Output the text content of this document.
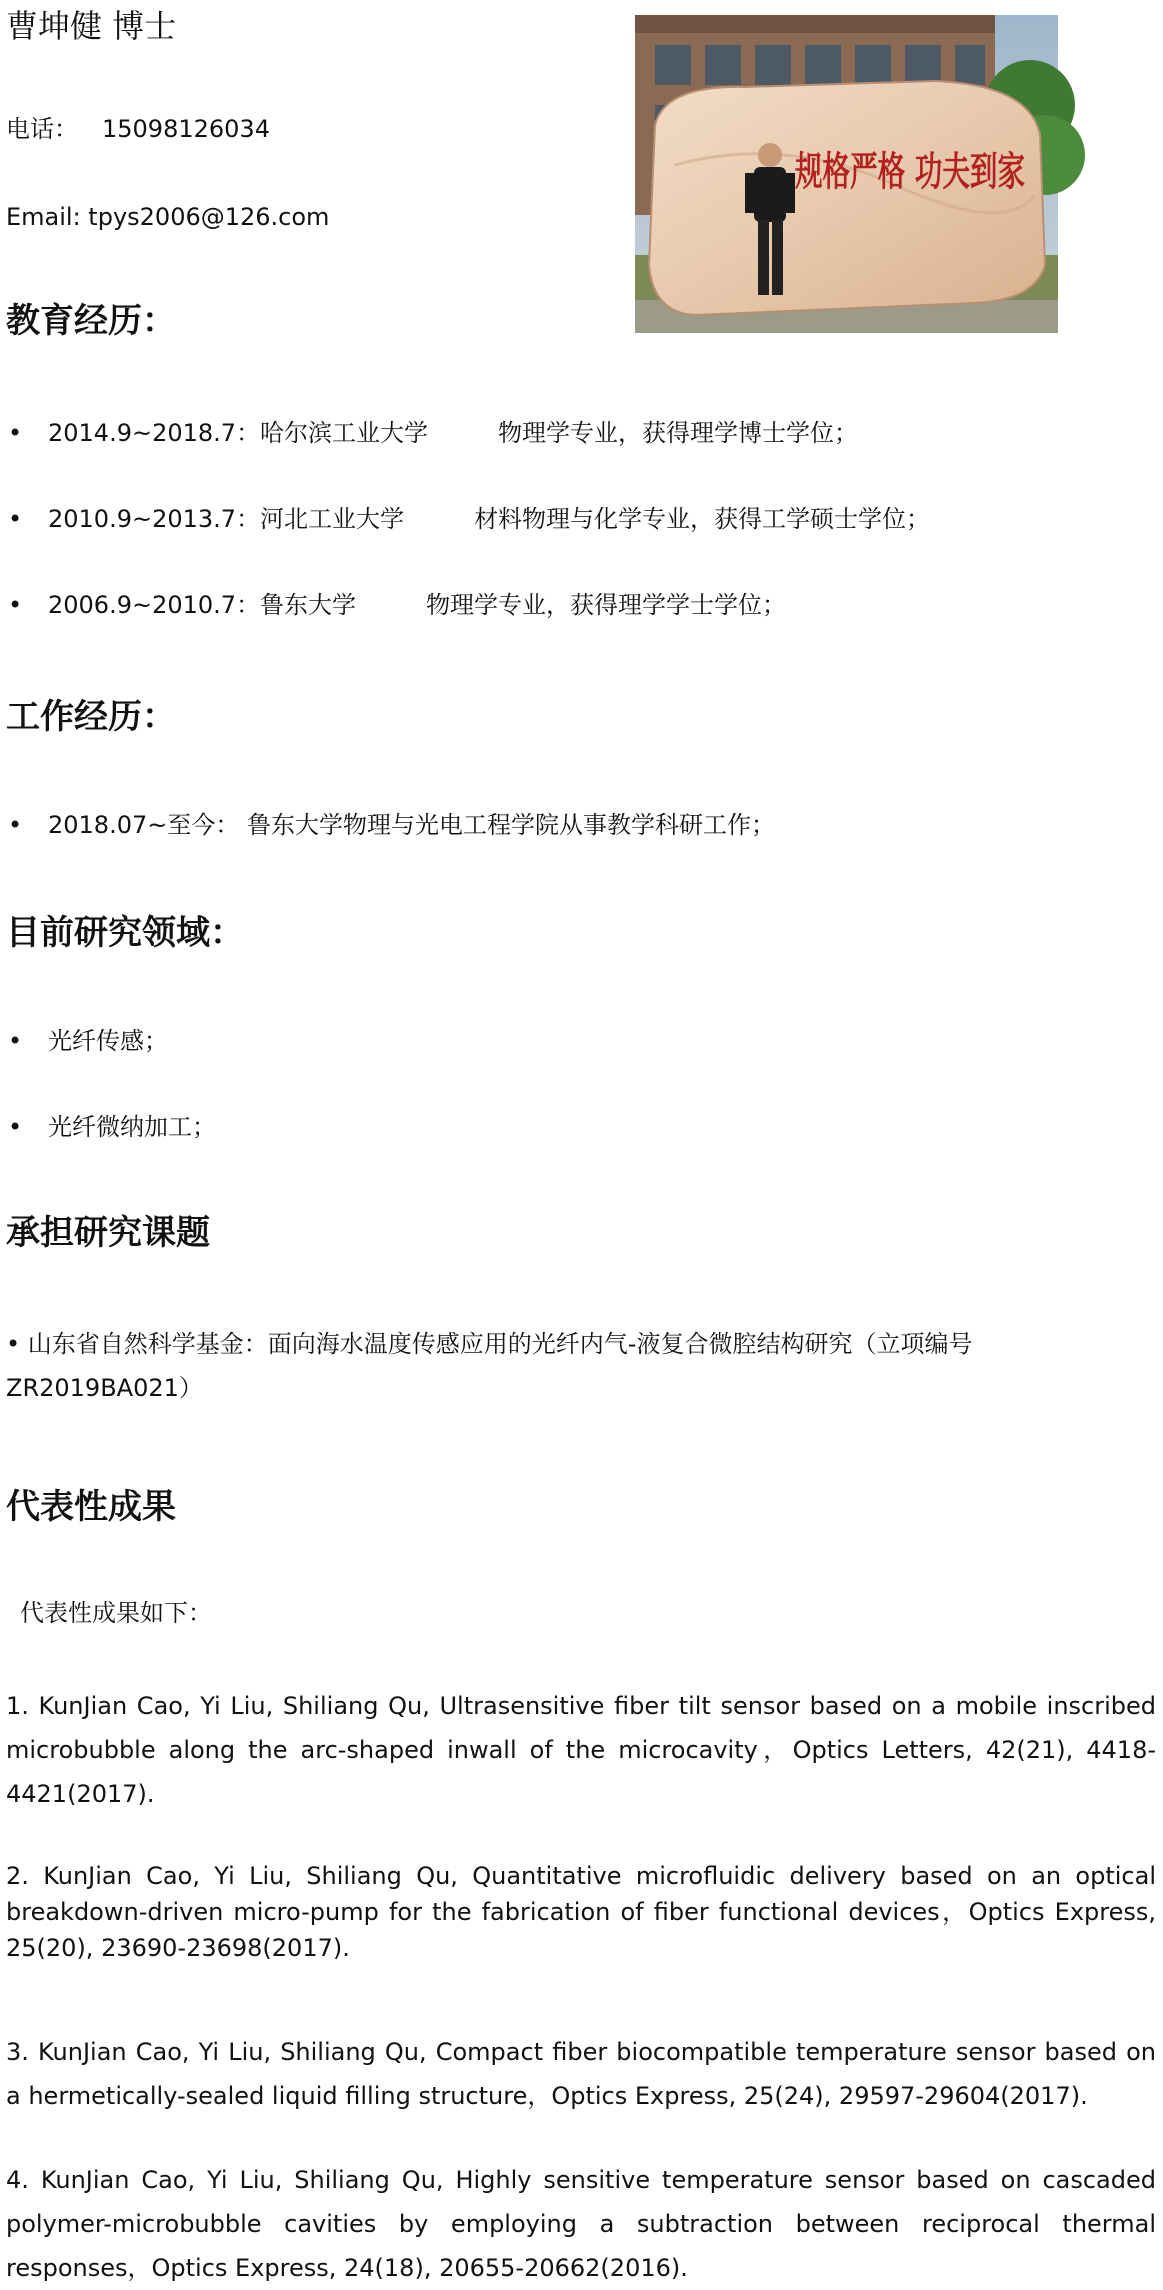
曹坤健 博士
电话： 15098126034
Email: tpys2006@126.com
规格严格 功夫到家
教育经历：
• 2014.9~2018.7：哈尔滨工业大学	物理学专业，获得理学博士学位；
• 2010.9~2013.7：河北工业大学	材料物理与化学专业，获得工学硕士学位；
• 2006.9~2010.7：鲁东大学	物理学专业，获得理学学士学位；
工作经历：
• 2018.07~至今： 鲁东大学物理与光电工程学院从事教学科研工作；
目前研究领域：
• 光纤传感；
• 光纤微纳加工；
承担研究课题
• 山东省自然科学基金：面向海水温度传感应用的光纤内气-液复合微腔结构研究（立项编号 ZR2019BA021）
代表性成果
代表性成果如下：
1. KunJian Cao, Yi Liu, Shiliang Qu, Ultrasensitive fiber tilt sensor based on a mobile inscribed microbubble along the arc-shaped inwall of the microcavity，Optics Letters, 42(21), 4418-4421(2017).
2. KunJian Cao, Yi Liu, Shiliang Qu, Quantitative microfluidic delivery based on an optical breakdown-driven micro-pump for the fabrication of fiber functional devices，Optics Express, 25(20), 23690-23698(2017).
3. KunJian Cao, Yi Liu, Shiliang Qu, Compact fiber biocompatible temperature sensor based on a hermetically-sealed liquid filling structure，Optics Express, 25(24), 29597-29604(2017).
4. KunJian Cao, Yi Liu, Shiliang Qu, Highly sensitive temperature sensor based on cascaded polymer-microbubble cavities by employing a subtraction between reciprocal thermal responses，Optics Express, 24(18), 20655-20662(2016).
